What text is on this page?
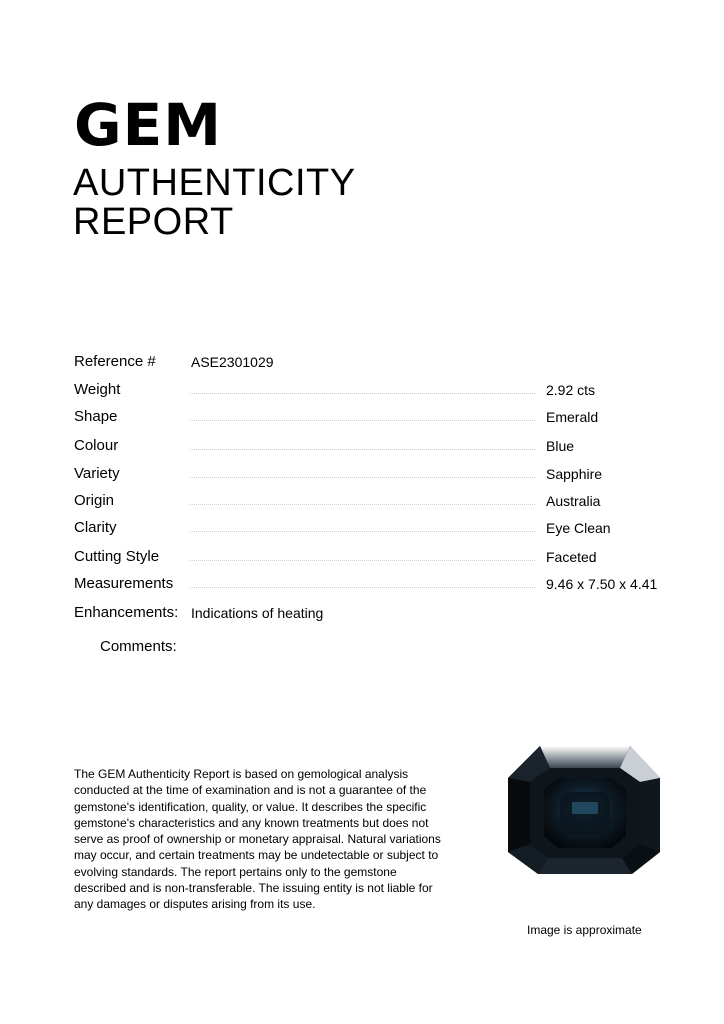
GEM
AUTHENTICITY
REPORT
Reference #	ASE2301029
Weight	2.92 cts
Shape	Emerald
Colour	Blue
Variety	Sapphire
Origin	Australia
Clarity	Eye Clean
Cutting Style	Faceted
Measurements	9.46 x 7.50 x 4.41
Enhancements: Indications of heating
Comments:
The GEM Authenticity Report is based on gemological analysis conducted at the time of examination and is not a guarantee of the gemstone's identification, quality, or value. It describes the specific gemstone's characteristics and any known treatments but does not serve as proof of ownership or monetary appraisal. Natural variations may occur, and certain treatments may be undetectable or subject to evolving standards. The report pertains only to the gemstone described and is non-transferable. The issuing entity is not liable for any damages or disputes arising from its use.
Image is approximate
